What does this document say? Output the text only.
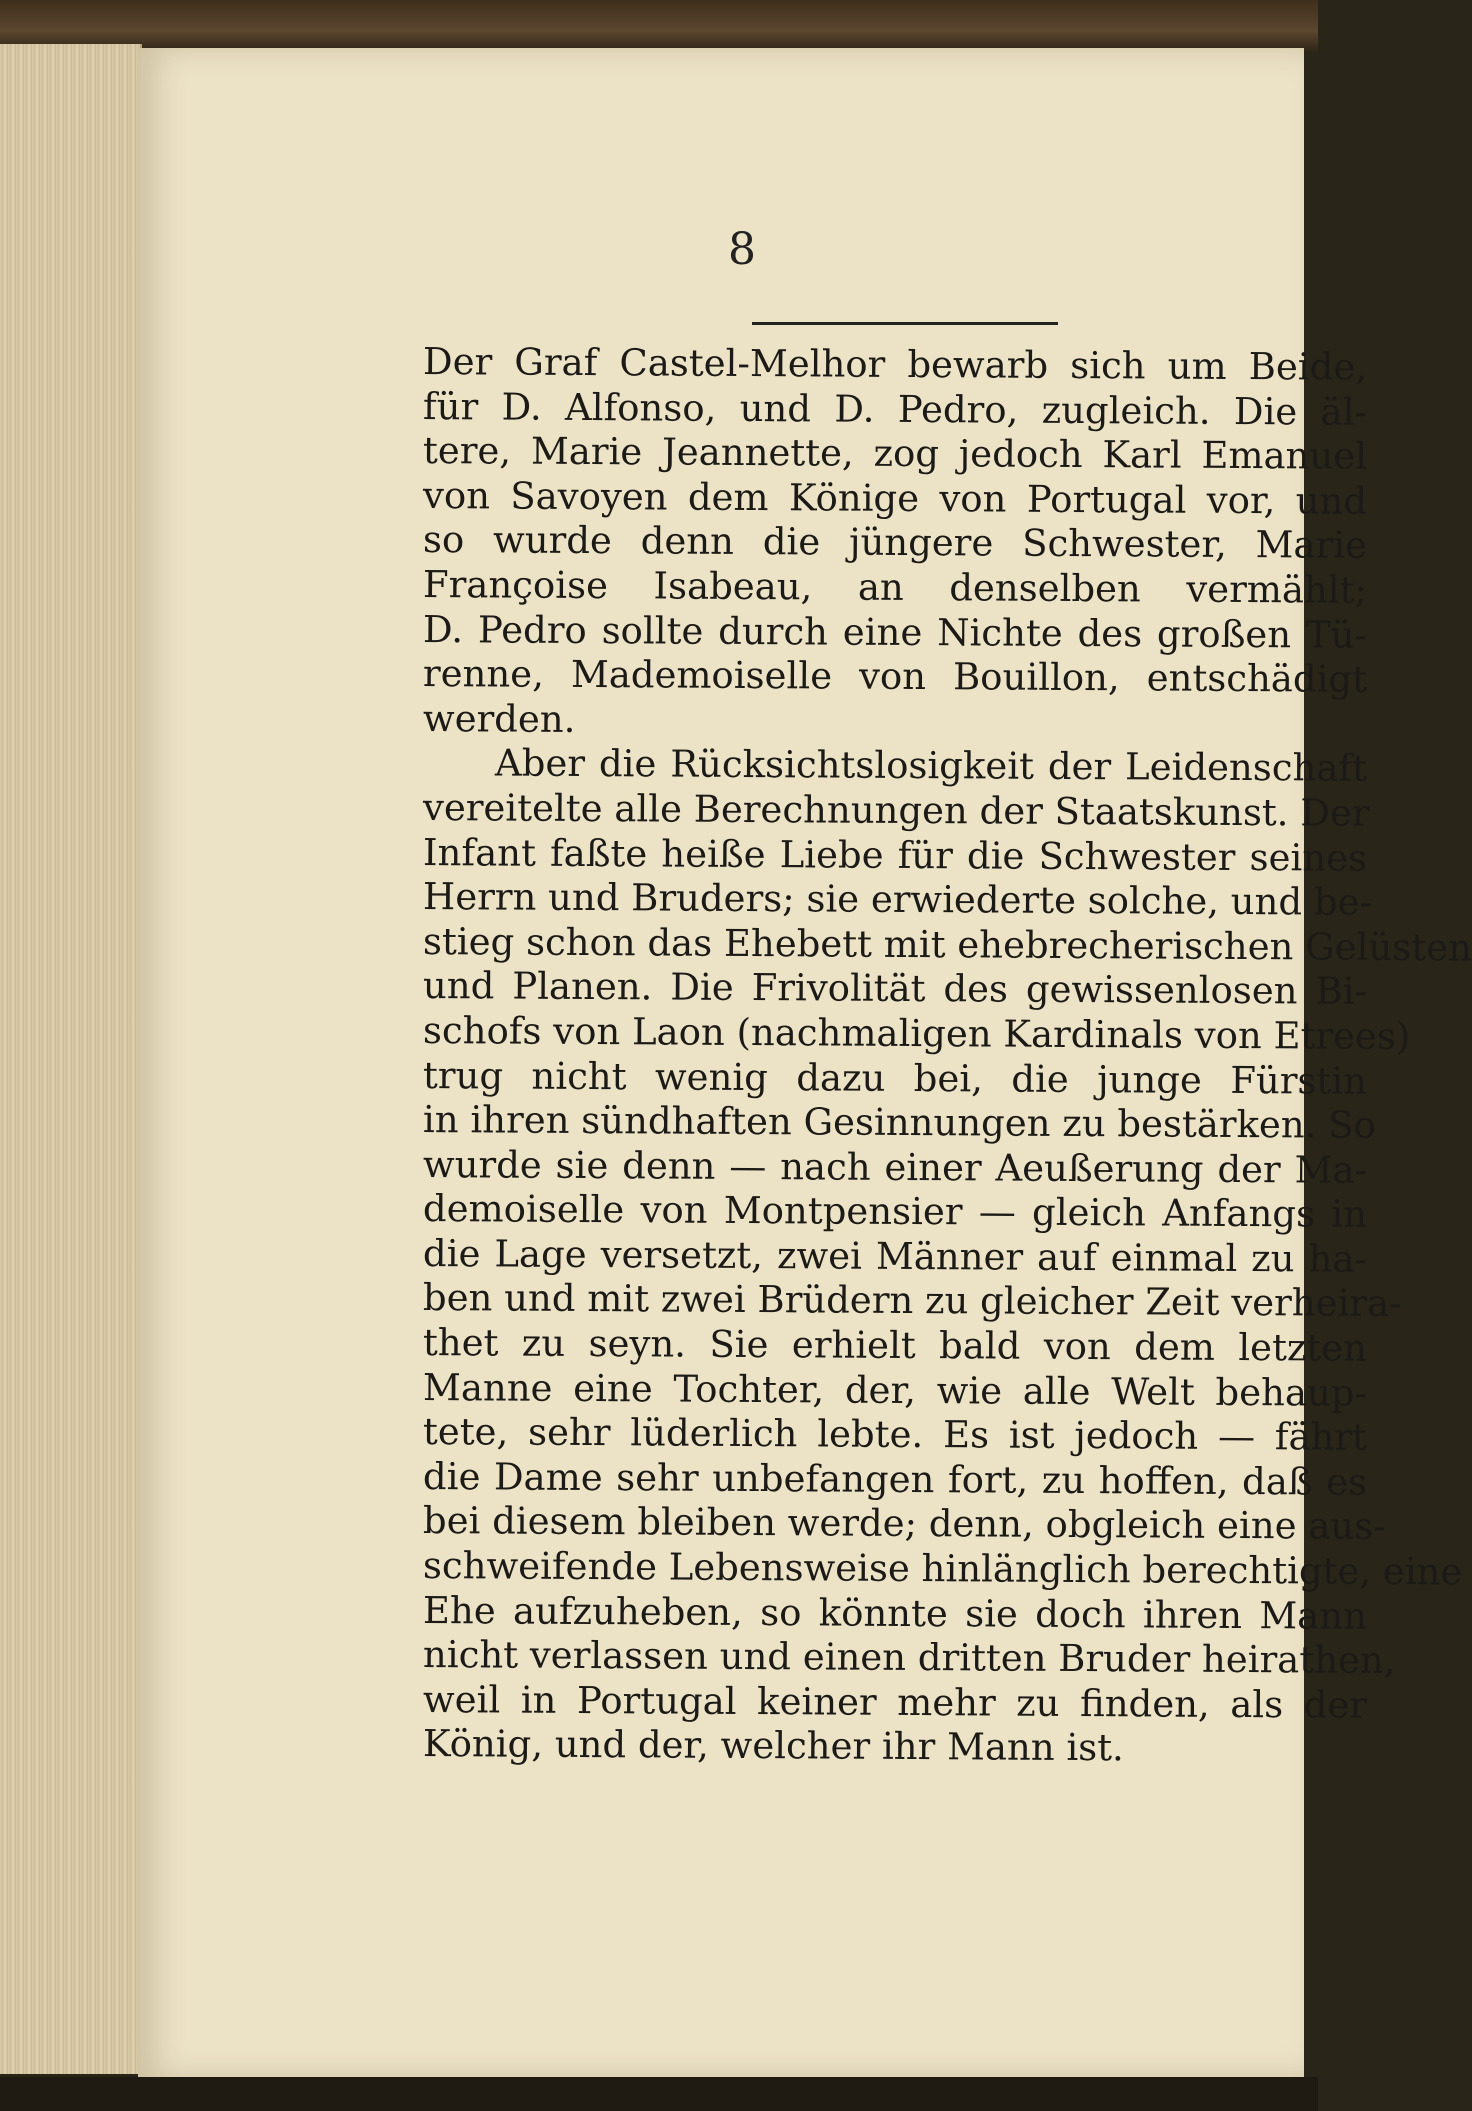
8
Der Graf Castel-Melhor bewarb sich um Beide,
für D. Alfonso, und D. Pedro, zugleich. Die äl-
tere, Marie Jeannette, zog jedoch Karl Emanuel
von Savoyen dem Könige von Portugal vor, und
so wurde denn die jüngere Schwester, Marie
Françoise Isabeau, an denselben vermählt;
D. Pedro sollte durch eine Nichte des großen Tü-
renne, Mademoiselle von Bouillon, entschädigt
werden.
Aber die Rücksichtslosigkeit der Leidenschaft
vereitelte alle Berechnungen der Staatskunst. Der
Infant faßte heiße Liebe für die Schwester seines
Herrn und Bruders; sie erwiederte solche, und be-
stieg schon das Ehebett mit ehebrecherischen Gelüsten
und Planen. Die Frivolität des gewissenlosen Bi-
schofs von Laon (nachmaligen Kardinals von Etrees)
trug nicht wenig dazu bei, die junge Fürstin
in ihren sündhaften Gesinnungen zu bestärken. So
wurde sie denn — nach einer Aeußerung der Ma-
demoiselle von Montpensier — gleich Anfangs in
die Lage versetzt, zwei Männer auf einmal zu ha-
ben und mit zwei Brüdern zu gleicher Zeit verheira-
thet zu seyn. Sie erhielt bald von dem letzten
Manne eine Tochter, der, wie alle Welt behaup-
tete, sehr lüderlich lebte. Es ist jedoch — fährt
die Dame sehr unbefangen fort, zu hoffen, daß es
bei diesem bleiben werde; denn, obgleich eine aus-
schweifende Lebensweise hinlänglich berechtigte, eine
Ehe aufzuheben, so könnte sie doch ihren Mann
nicht verlassen und einen dritten Bruder heirathen,
weil in Portugal keiner mehr zu finden, als der
König, und der, welcher ihr Mann ist.
